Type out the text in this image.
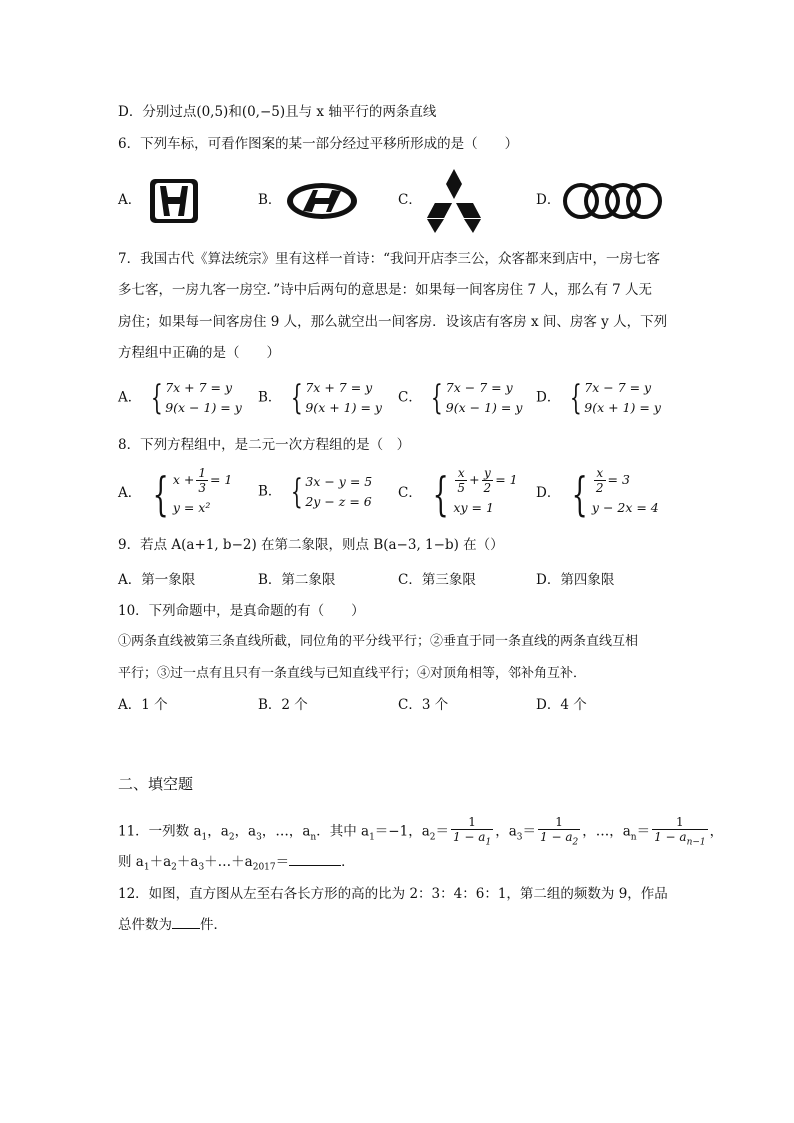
D．分别过点(0,5)和(0,−5)且与 x 轴平行的两条直线
6．下列车标，可看作图案的某一部分经过平移所形成的是（　　）
A．	B．	C．	D．
7．我国古代《算法统宗》里有这样一首诗：“我问开店李三公，众客都来到店中，一房七客
多七客，一房九客一房空．”诗中后两句的意思是：如果每一间客房住 7 人，那么有 7 人无
房住；如果每一间客房住 9 人，那么就空出一间客房．设该店有客房 x 间、房客 y 人，下列
方程组中正确的是（　　）
A． { 7x + 7 = y
9(x − 1) = y
B． { 7x + 7 = y
9(x + 1) = y
C． { 7x − 7 = y
9(x − 1) = y
D． { 7x − 7 = y
9(x + 1) = y
8．下列方程组中，是二元一次方程组的是（　）
A． { $x + \frac{1}{3} = 1$
y = x²
B． { 3x − y = 5
2y − z = 6
C． { $\frac{x}{5} + \frac{y}{2} = 1$
xy = 1
D． { $\frac{x}{2} = 3$
y − 2x = 4
9．若点 A(a+1, b−2) 在第二象限，则点 B(a−3, 1−b) 在（）
A．第一象限	B．第二象限	C．第三象限	D．第四象限
10．下列命题中，是真命题的有（　　）
①两条直线被第三条直线所截，同位角的平分线平行；②垂直于同一条直线的两条直线互相
平行；③过一点有且只有一条直线与已知直线平行；④对顶角相等，邻补角互补．
A．1 个	B．2 个	C．3 个	D．4 个
二、填空题
11．一列数 $a_1$，$a_2$，$a_3$，…，$a_n$．其中 $a_1=-1$，$a_2= \frac{1}{1 - a_1}$ ，$a_3= \frac{1}{1 - a_2}$ ，…，$a_n= \frac{1}{1 - a_{n-1}}$ ，
则 $a_1+a_2+a_3+\dots+a_{2017}=$	．
12．如图，直方图从左至右各长方形的高的比为 2：3：4：6：1，第二组的频数为 9，作品
总件数为 件．
